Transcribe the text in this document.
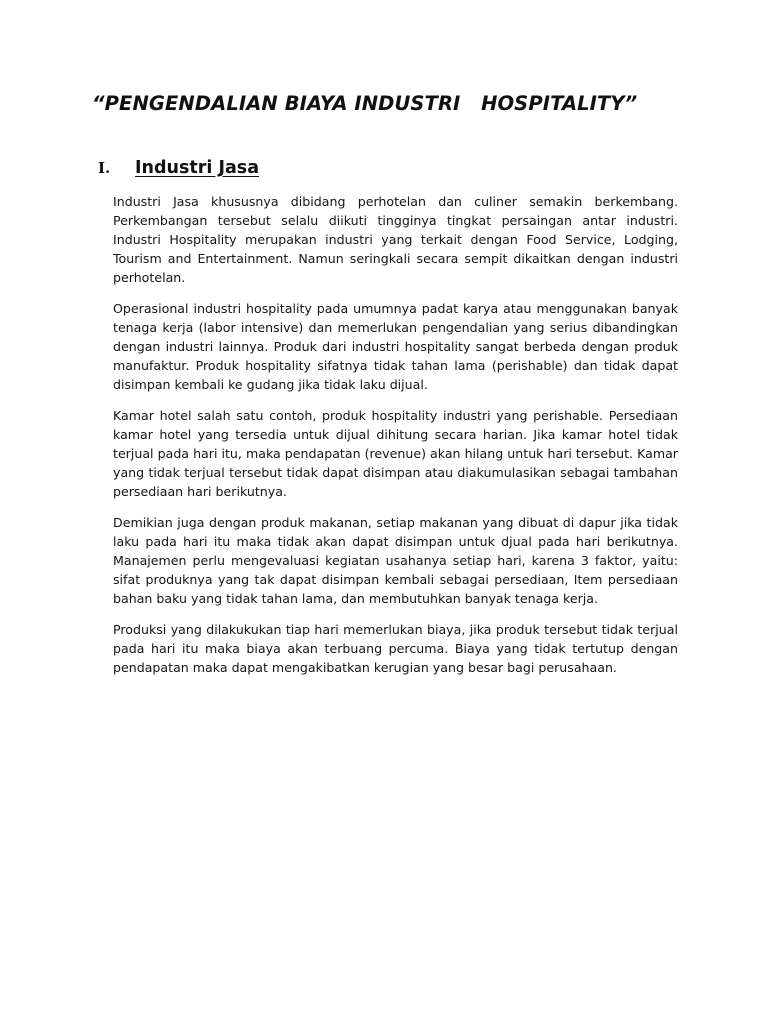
“PENGENDALIAN BIAYA INDUSTRI   HOSPITALITY”
I.	Industri Jasa

Industri Jasa khususnya dibidang perhotelan dan culiner semakin berkembang. Perkembangan tersebut selalu diikuti tingginya tingkat persaingan antar industri. Industri Hospitality merupakan industri yang terkait dengan Food Service, Lodging, Tourism and Entertainment. Namun seringkali secara sempit dikaitkan dengan industri perhotelan.

Operasional industri hospitality pada umumnya padat karya atau menggunakan banyak tenaga kerja (labor intensive) dan memerlukan pengendalian yang serius dibandingkan dengan industri lainnya. Produk dari industri hospitality sangat berbeda dengan produk manufaktur. Produk hospitality sifatnya tidak tahan lama (perishable) dan tidak dapat disimpan kembali ke gudang jika tidak laku dijual.

Kamar hotel salah satu contoh, produk hospitality industri yang perishable. Persediaan kamar hotel yang tersedia untuk dijual dihitung secara harian. Jika kamar hotel tidak terjual pada hari itu, maka pendapatan (revenue) akan hilang untuk hari tersebut. Kamar yang tidak terjual tersebut tidak dapat disimpan atau diakumulasikan sebagai tambahan persediaan hari berikutnya.

Demikian juga dengan produk makanan, setiap makanan yang dibuat di dapur jika tidak laku pada hari itu maka tidak akan dapat disimpan untuk djual pada hari berikutnya. Manajemen perlu mengevaluasi kegiatan usahanya setiap hari, karena 3 faktor, yaitu: sifat produknya yang tak dapat disimpan kembali sebagai persediaan, Item persediaan bahan baku yang tidak tahan lama, dan membutuhkan banyak tenaga kerja.

Produksi yang dilakukukan tiap hari memerlukan biaya, jika produk tersebut tidak terjual pada hari itu maka biaya akan terbuang percuma. Biaya yang tidak tertutup dengan pendapatan maka dapat mengakibatkan kerugian yang besar bagi perusahaan.
